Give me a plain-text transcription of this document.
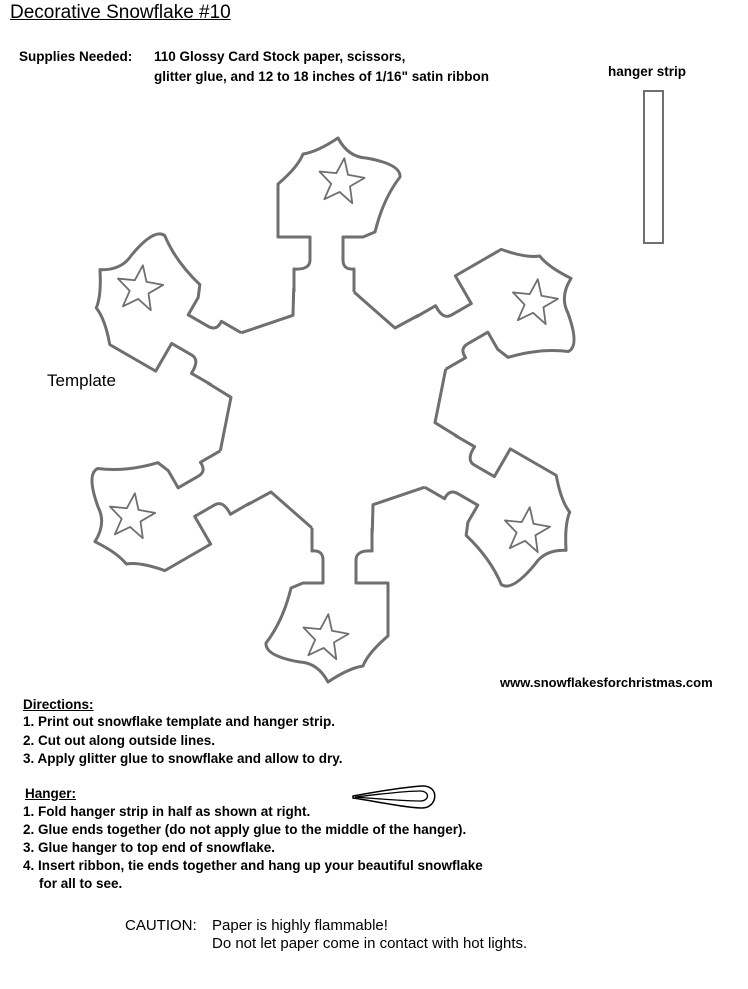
Decorative Snowflake #10
Supplies Needed: 110 Glossy Card Stock paper, scissors,
glitter glue, and 12 to 18 inches of 1/16" satin ribbon	hanger strip
Template
www.snowflakesforchristmas.com
Directions:
1. Print out snowflake template and hanger strip.
2. Cut out along outside lines.
3. Apply glitter glue to snowflake and allow to dry.
Hanger:
1. Fold hanger strip in half as shown at right.
2. Glue ends together (do not apply glue to the middle of the hanger).
3. Glue hanger to top end of snowflake.
4. Insert ribbon, tie ends together and hang up your beautiful snowflake
for all to see.
CAUTION: Paper is highly flammable!
Do not let paper come in contact with hot lights.
